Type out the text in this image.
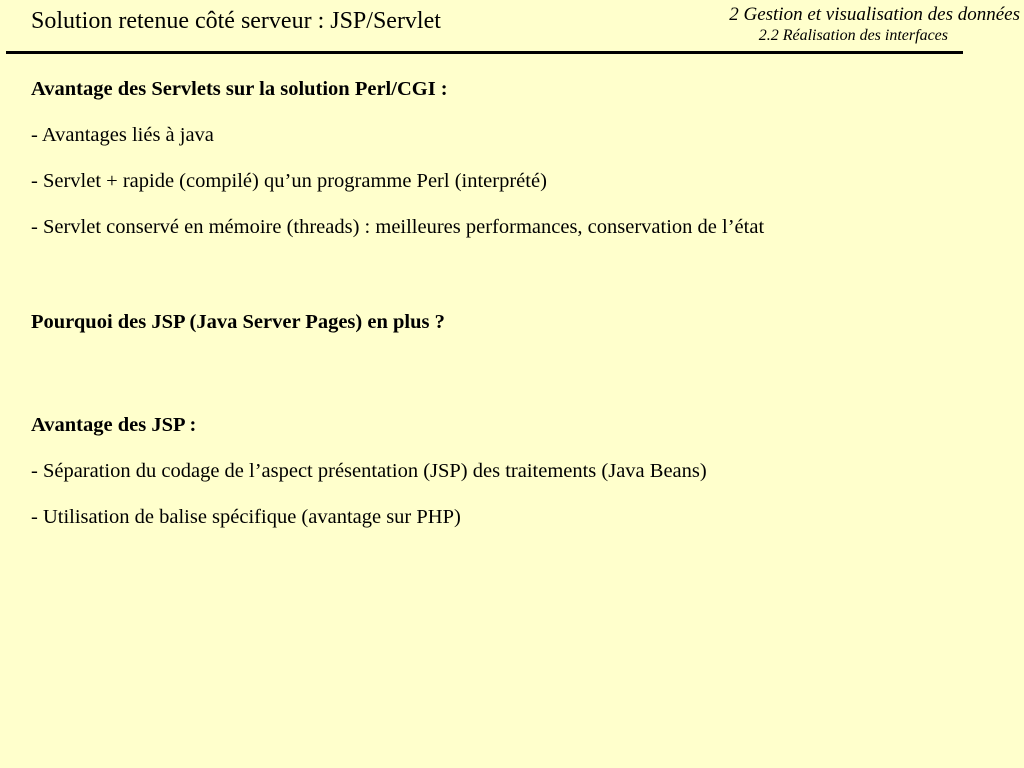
Solution retenue côté serveur : JSP/Servlet	2 Gestion et visualisation des données
2.2 Réalisation des interfaces
Avantage des Servlets sur la solution Perl/CGI :
- Avantages liés à java
- Servlet + rapide (compilé) qu’un programme Perl (interprété)
- Servlet conservé en mémoire (threads) : meilleures performances, conservation de l’état
Pourquoi des JSP (Java Server Pages) en plus ?
Avantage des JSP :
- Séparation du codage de l’aspect présentation (JSP) des traitements (Java Beans)
- Utilisation de balise spécifique (avantage sur PHP)
